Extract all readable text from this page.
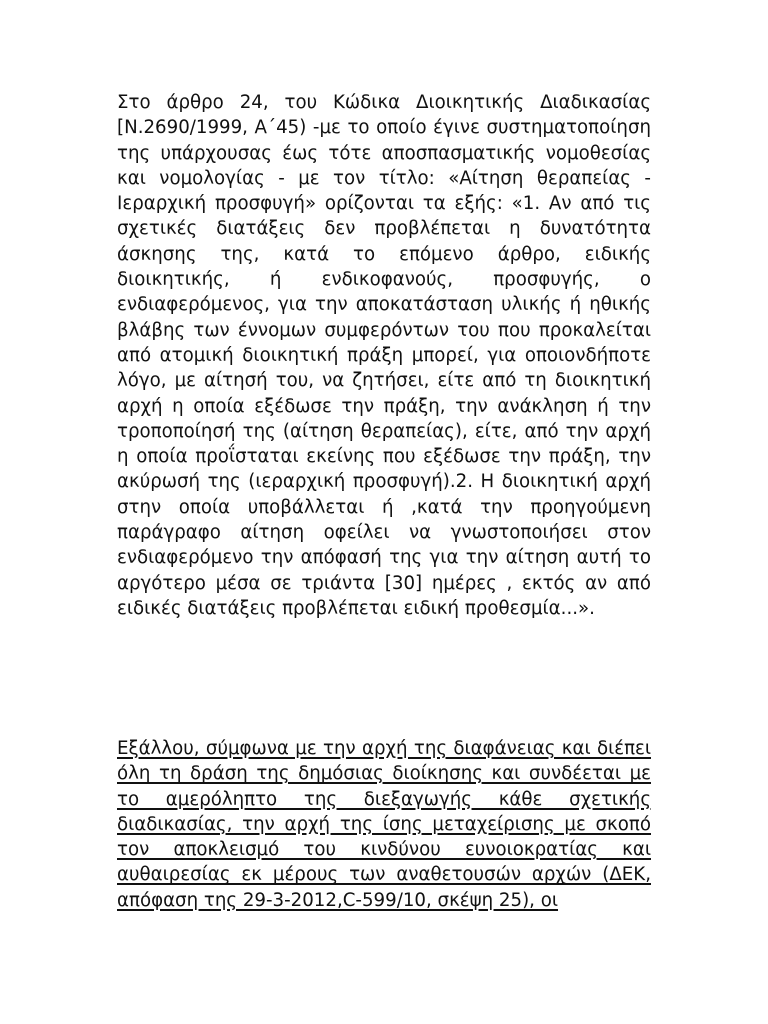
Στο άρθρο 24, του Κώδικα Διοικητικής Διαδικασίας [Ν.2690/1999, Α΄45) -με το οποίο έγινε συστηματοποίηση της υπάρχουσας έως τότε αποσπασματικής νομοθεσίας και νομολογίας - με τον τίτλο: «Αίτηση θεραπείας - Ιεραρχική προσφυγή» ορίζονται τα εξής: «1. Αν από τις σχετικές διατάξεις δεν προβλέπεται η δυνατότητα άσκησης της, κατά το επόμενο άρθρο, ειδικής διοικητικής, ή ενδικοφανούς, προσφυγής, ο ενδιαφερόμενος, για την αποκατάσταση υλικής ή ηθικής βλάβης των έννομων συμφερόντων του που προκαλείται από ατομική διοικητική πράξη μπορεί, για οποιονδήποτε λόγο, με αίτησή του, να ζητήσει, είτε από τη διοικητική αρχή η οποία εξέδωσε την πράξη, την ανάκληση ή την τροποποίησή της (αίτηση θεραπείας), είτε, από την αρχή η οποία προΐσταται εκείνης που εξέδωσε την πράξη, την ακύρωσή της (ιεραρχική προσφυγή).2. Η διοικητική αρχή στην οποία υποβάλλεται ή ,κατά την προηγούμενη παράγραφο αίτηση οφείλει να γνωστοποιήσει στον ενδιαφερόμενο την απόφασή της για την αίτηση αυτή το αργότερο μέσα σε τριάντα [30] ημέρες , εκτός αν από ειδικές διατάξεις προβλέπεται ειδική προθεσμία...».

Εξάλλου, σύμφωνα με την αρχή της διαφάνειας και διέπει όλη τη δράση της δημόσιας διοίκησης και συνδέεται με το αμερόληπτο της διεξαγωγής κάθε σχετικής διαδικασίας, την αρχή της ίσης μεταχείρισης με σκοπό τον αποκλεισμό του κινδύνου ευνοιοκρατίας και αυθαιρεσίας εκ μέρους των αναθετουσών αρχών (ΔΕΚ, απόφαση της 29-3-2012,C-599/10, σκέψη 25), οι
